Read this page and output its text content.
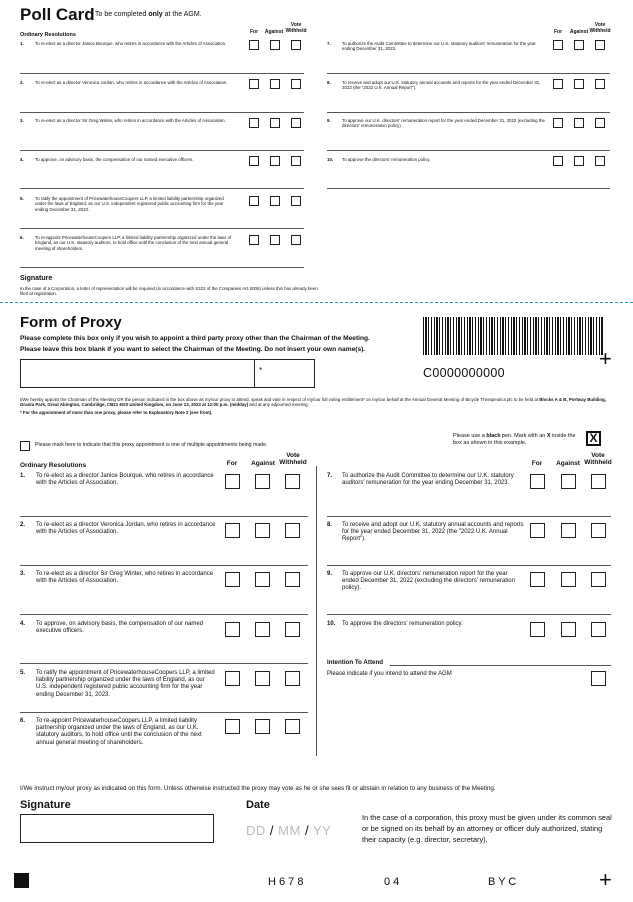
Poll Card To be completed only at the AGM.
Ordinary Resolutions	For	Against
Vote
Withheld	For	Against
Vote
Withheld
1.	To re-elect as a director Janice Bourque, who retires in accordance with the Articles of Association.
2.	To re-elect as a director Veronica Jordan, who retires in accordance with the Articles of Association.
3.	To re-elect as a director Sir Greg Winter, who retires in accordance with the Articles of Association.
4.	To approve, on advisory basis, the compensation of our named executive officers.
5.	To ratify the appointment of PricewaterhouseCoopers LLP, a limited liability partnership organized under the laws of England, as our U.S. independent registered public accounting firm for the year ending December 31, 2023.
6.	To re-appoint PricewaterhouseCoopers LLP, a limited liability partnership organized under the laws of England, as our U.K. statutory auditors, to hold office until the conclusion of the next annual general meeting of shareholders.
7.	To authorize the Audit Committee to determine our U.K. statutory auditors' remuneration for the year ending December 31, 2023.
8.	To receive and adopt our U.K. statutory annual accounts and reports for the year ended December 31, 2022 (the "2022 U.K. Annual Report").
9.	To approve our U.K. directors' remuneration report for the year ended December 31, 2022 (excluding the directors' remuneration policy).
10. To approve the directors' remuneration policy.
Signature
In the case of a Corporation, a letter of representation will be required (in accordance with S323 of the Companies Act 2006) unless this has already been filed at registration.
Form of Proxy
Please complete this box only if you wish to appoint a third party proxy other than the Chairman of the Meeting.
Please leave this box blank if you want to select the Chairman of the Meeting. Do not insert your own name(s).	+
*	C0000000000
I/We hereby appoint the Chairman of the Meeting OR the person indicated in the box above as my/our proxy to attend, speak and vote in respect of my/our full voting entitlement* on my/our behalf at the Annual General Meeting of Bicycle Therapeutics plc to be held at Blocks A & B, Portway Building, Granta Park, Great Abington, Cambridge, CB21 6GS United Kingdom, on June 13, 2023 at 12:00 p.m. (midday) and at any adjourned meeting.
* For the appointment of more than one proxy, please refer to Explanatory Note 2 (see front).
Please mark here to indicate that this proxy appointment is one of multiple appointments being made.
Please use a black pen. Mark with an X inside the box as shown in this example.	X
Ordinary Resolutions	For	Against
Vote
Withheld	For	Against
Vote
Withheld
1. To re-elect as a director Janice Bourque, who retires in accordance with the Articles of Association.
2. To re-elect as a director Veronica Jordan, who retires in accordance with the Articles of Association.
3. To re-elect as a director Sir Greg Winter, who retires in accordance with the Articles of Association.
4. To approve, on advisory basis, the compensation of our named executive officers.
5. To ratify the appointment of PricewaterhouseCoopers LLP, a limited liability partnership organized under the laws of England, as our U.S. independent registered public accounting firm for the year ending December 31, 2023.
6. To re-appoint PricewaterhouseCoopers LLP, a limited liability partnership organized under the laws of England, as our U.K. statutory auditors, to hold office until the conclusion of the next annual general meeting of shareholders.
7. To authorize the Audit Committee to determine our U.K. statutory auditors' remuneration for the year ending December 31, 2023.
8. To receive and adopt our U.K. statutory annual accounts and reports for the year ended December 31, 2022 (the "2022 U.K. Annual Report").
9. To approve our U.K. directors' remuneration report for the year ended December 31, 2022 (excluding the directors' remuneration policy).
10. To approve the directors' remuneration policy.
Intention To Attend
Please indicate if you intend to attend the AGM
I/We instruct my/our proxy as indicated on this form. Unless otherwise instructed the proxy may vote as he or she sees fit or abstain in relation to any business of the Meeting.
Signature	Date
DD / MM / YY
In the case of a corporation, this proxy must be given under its common seal or be signed on its behalf by an attorney or officer duly authorized, stating their capacity (e.g. director, secretary).
H 6 7 8	0 4	B Y C	+
